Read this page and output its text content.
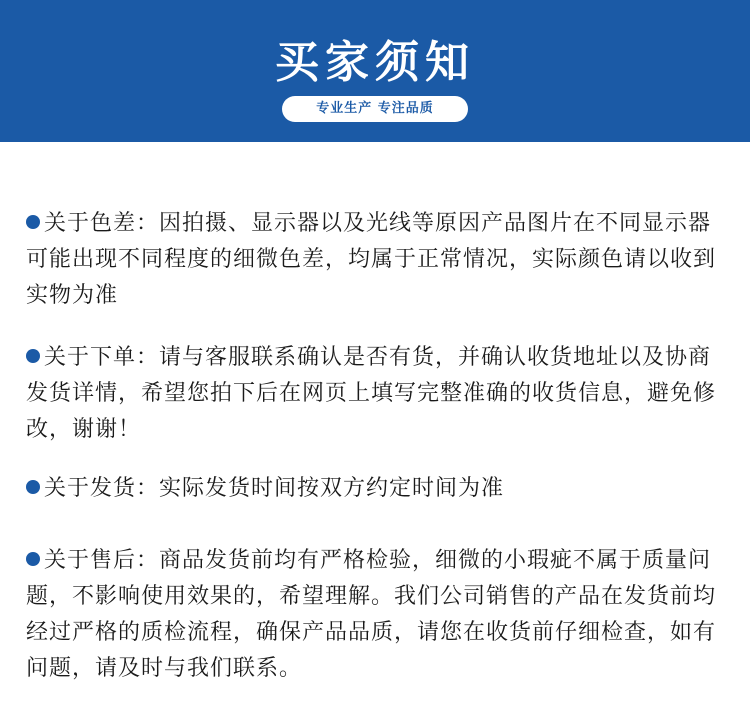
买家须知
专业生产 专注品质
关于色差：因拍摄、显示器以及光线等原因产品图片在不同显示器可能出现不同程度的细微色差，均属于正常情况，实际颜色请以收到实物为准
关于下单：请与客服联系确认是否有货，并确认收货地址以及协商发货详情，希望您拍下后在网页上填写完整准确的收货信息，避免修改，谢谢！
关于发货：实际发货时间按双方约定时间为准
关于售后：商品发货前均有严格检验，细微的小瑕疵不属于质量问题，不影响使用效果的，希望理解。我们公司销售的产品在发货前均经过严格的质检流程，确保产品品质，请您在收货前仔细检查，如有问题，请及时与我们联系。
